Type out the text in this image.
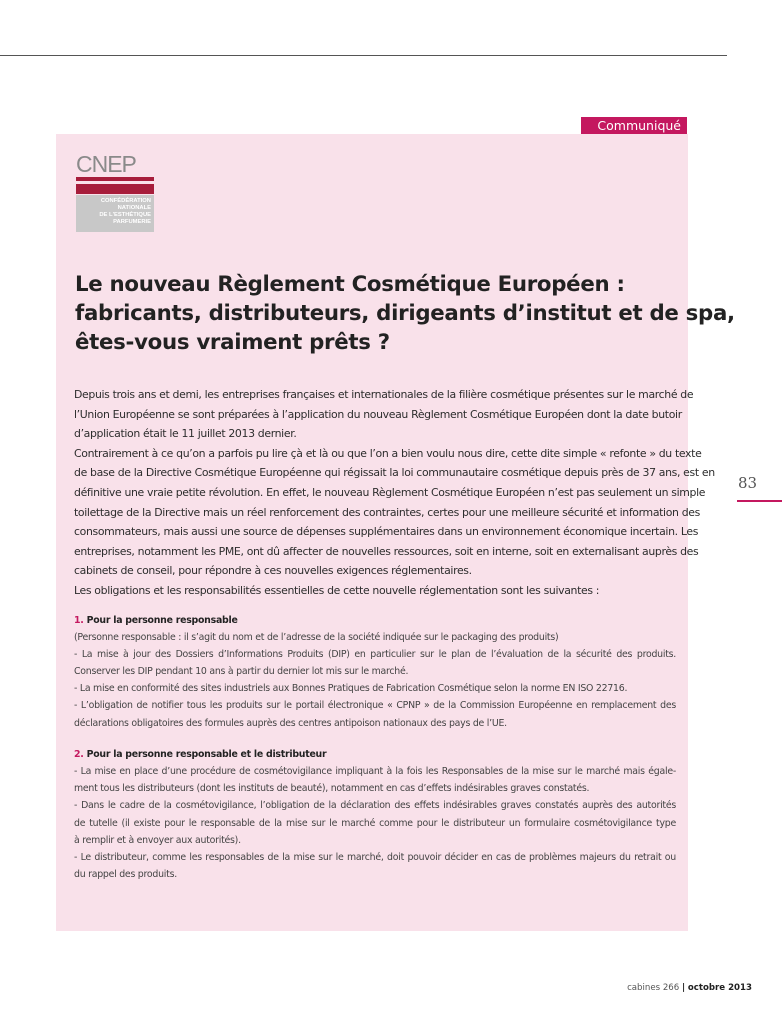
Communiqué
CNEP
CONFÉDÉRATION
NATIONALE
DE L'ESTHÉTIQUE
PARFUMERIE
Le nouveau Règlement Cosmétique Européen :
fabricants, distributeurs, dirigeants d’institut et de spa,
êtes-vous vraiment prêts ?
Depuis trois ans et demi, les entreprises françaises et internationales de la filière cosmétique présentes sur le marché de
l’Union Européenne se sont préparées à l’application du nouveau Règlement Cosmétique Européen dont la date butoir
d’application était le 11 juillet 2013 dernier.
Contrairement à ce qu’on a parfois pu lire çà et là ou que l’on a bien voulu nous dire, cette dite simple « refonte » du texte
de base de la Directive Cosmétique Européenne qui régissait la loi communautaire cosmétique depuis près de 37 ans, est en
définitive une vraie petite révolution. En effet, le nouveau Règlement Cosmétique Européen n’est pas seulement un simple
toilettage de la Directive mais un réel renforcement des contraintes, certes pour une meilleure sécurité et information des
consommateurs, mais aussi une source de dépenses supplémentaires dans un environnement économique incertain. Les
entreprises, notamment les PME, ont dû affecter de nouvelles ressources, soit en interne, soit en externalisant auprès des
cabinets de conseil, pour répondre à ces nouvelles exigences réglementaires.
Les obligations et les responsabilités essentielles de cette nouvelle réglementation sont les suivantes :
1. Pour la personne responsable
(Personne responsable : il s’agit du nom et de l’adresse de la société indiquée sur le packaging des produits)
- La mise à jour des Dossiers d’Informations Produits (DIP) en particulier sur le plan de l’évaluation de la sécurité des produits.
Conserver les DIP pendant 10 ans à partir du dernier lot mis sur le marché.
- La mise en conformité des sites industriels aux Bonnes Pratiques de Fabrication Cosmétique selon la norme EN ISO 22716.
- L’obligation de notifier tous les produits sur le portail électronique « CPNP » de la Commission Européenne en remplacement des
déclarations obligatoires des formules auprès des centres antipoison nationaux des pays de l’UE.
2. Pour la personne responsable et le distributeur
- La mise en place d’une procédure de cosmétovigilance impliquant à la fois les Responsables de la mise sur le marché mais égale-
ment tous les distributeurs (dont les instituts de beauté), notamment en cas d’effets indésirables graves constatés.
- Dans le cadre de la cosmétovigilance, l’obligation de la déclaration des effets indésirables graves constatés auprès des autorités
de tutelle (il existe pour le responsable de la mise sur le marché comme pour le distributeur un formulaire cosmétovigilance type
à remplir et à envoyer aux autorités).
- Le distributeur, comme les responsables de la mise sur le marché, doit pouvoir décider en cas de problèmes majeurs du retrait ou
du rappel des produits.
83
cabines 266 | octobre 2013
